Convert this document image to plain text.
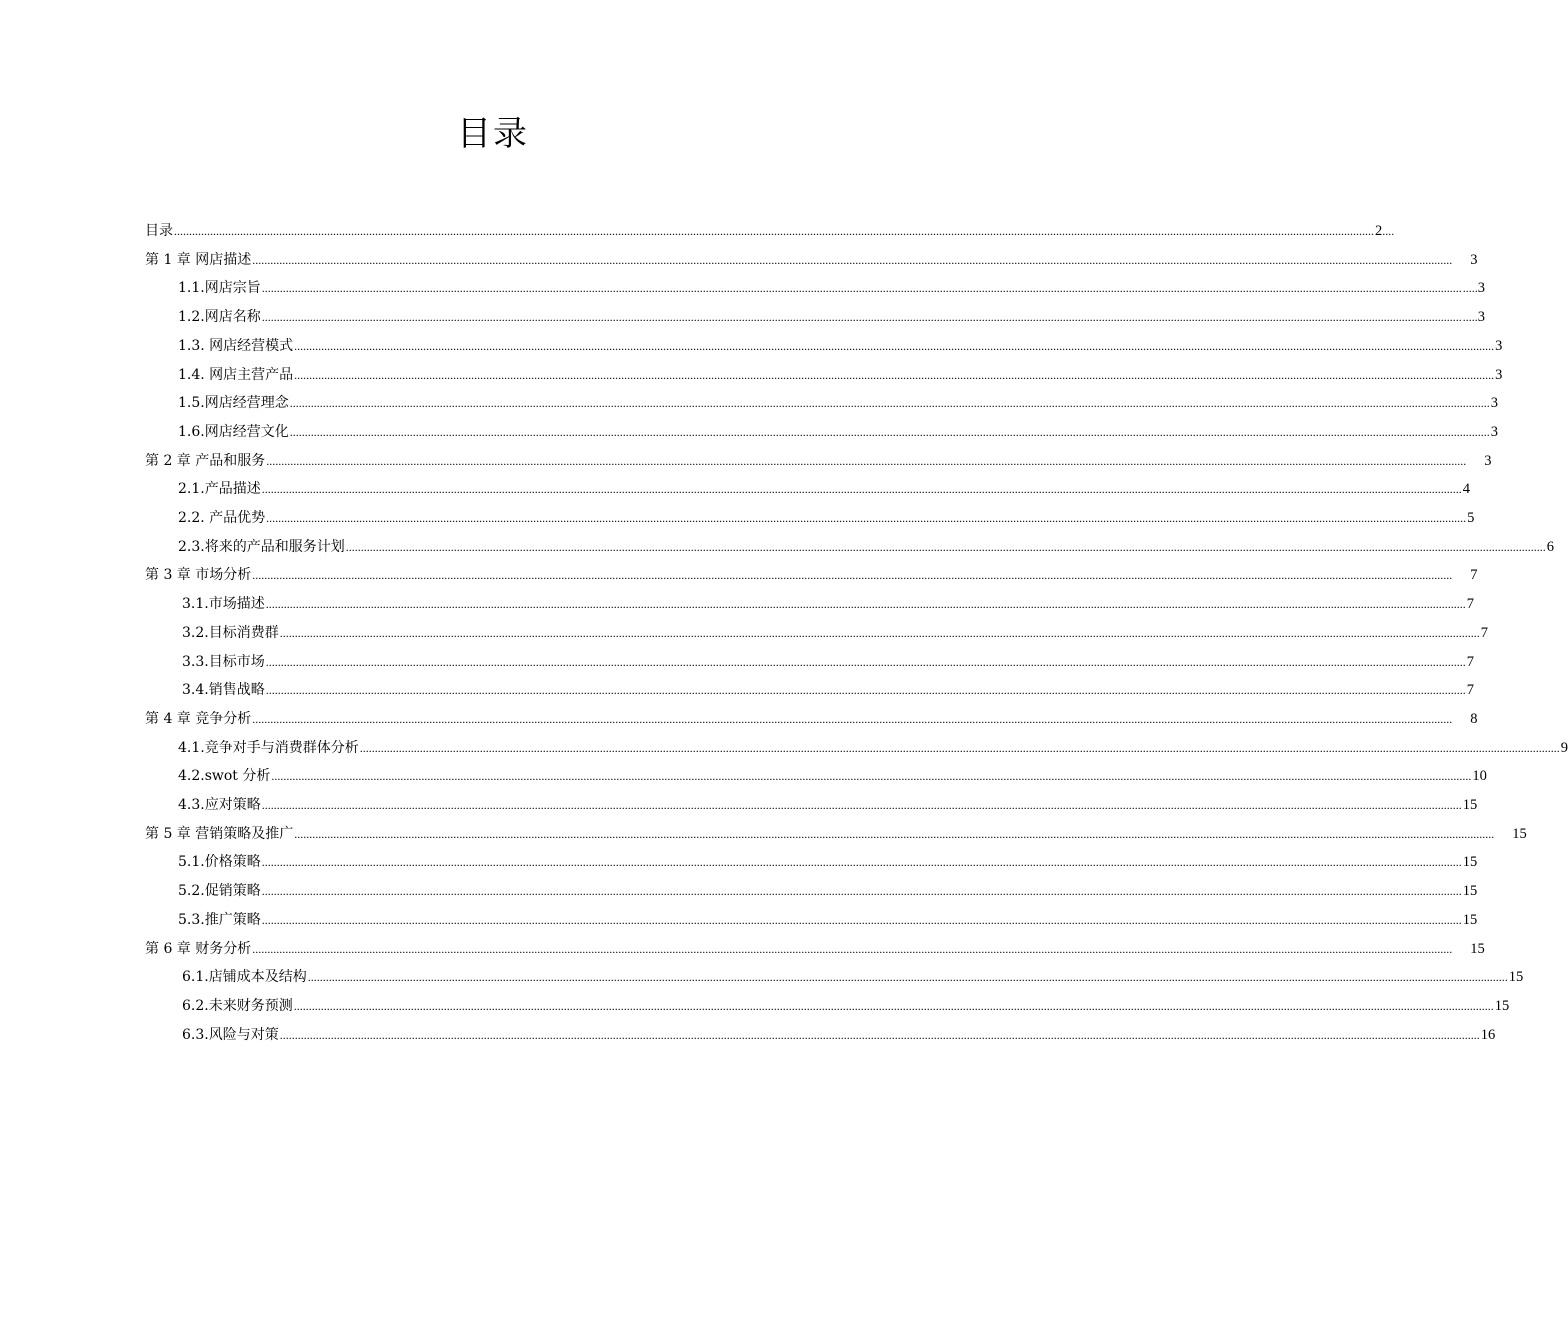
目录
目录 ................................................................................................................................................................................................................................................................................................................................................................................................................ 2 ....
第 1 章 网店描述 ................................................................................................................................................................................................................................................................................................................................................................................................................ 3
1.1.网店宗旨 ................................................................................................................................................................................................................................................................................................................................................................................................................ ..... 3
1.2.网店名称 ................................................................................................................................................................................................................................................................................................................................................................................................................ ..... 3
1.3. 网店经营模式 ................................................................................................................................................................................................................................................................................................................................................................................................................ 3
1.4. 网店主营产品 ................................................................................................................................................................................................................................................................................................................................................................................................................ 3
1.5.网店经营理念 ................................................................................................................................................................................................................................................................................................................................................................................................................ 3
1.6.网店经营文化 ................................................................................................................................................................................................................................................................................................................................................................................................................ 3
第 2 章 产品和服务 ................................................................................................................................................................................................................................................................................................................................................................................................................ 3
2.1.产品描述 ................................................................................................................................................................................................................................................................................................................................................................................................................ 4
2.2. 产品优势 ................................................................................................................................................................................................................................................................................................................................................................................................................ 5
2.3.将来的产品和服务计划 ................................................................................................................................................................................................................................................................................................................................................................................................................ 6
第 3 章 市场分析 ................................................................................................................................................................................................................................................................................................................................................................................................................ 7
3.1.市场描述 ................................................................................................................................................................................................................................................................................................................................................................................................................ 7
3.2.目标消费群 ................................................................................................................................................................................................................................................................................................................................................................................................................ 7
3.3.目标市场 ................................................................................................................................................................................................................................................................................................................................................................................................................ 7
3.4.销售战略 ................................................................................................................................................................................................................................................................................................................................................................................................................ 7
第 4 章 竞争分析 ................................................................................................................................................................................................................................................................................................................................................................................................................ 8
4.1.竞争对手与消费群体分析 ................................................................................................................................................................................................................................................................................................................................................................................................................ 9
4.2.swot 分析 ................................................................................................................................................................................................................................................................................................................................................................................................................ 10
4.3.应对策略 ................................................................................................................................................................................................................................................................................................................................................................................................................ 15
第 5 章 营销策略及推广 ................................................................................................................................................................................................................................................................................................................................................................................................................ 15
5.1.价格策略 ................................................................................................................................................................................................................................................................................................................................................................................................................ 15
5.2.促销策略 ................................................................................................................................................................................................................................................................................................................................................................................................................ 15
5.3.推广策略 ................................................................................................................................................................................................................................................................................................................................................................................................................ 15
第 6 章 财务分析 ................................................................................................................................................................................................................................................................................................................................................................................................................ 15
6.1.店铺成本及结构 ................................................................................................................................................................................................................................................................................................................................................................................................................ 15
6.2.未来财务预测 ................................................................................................................................................................................................................................................................................................................................................................................................................ 15
6.3.风险与对策 ................................................................................................................................................................................................................................................................................................................................................................................................................ 16
